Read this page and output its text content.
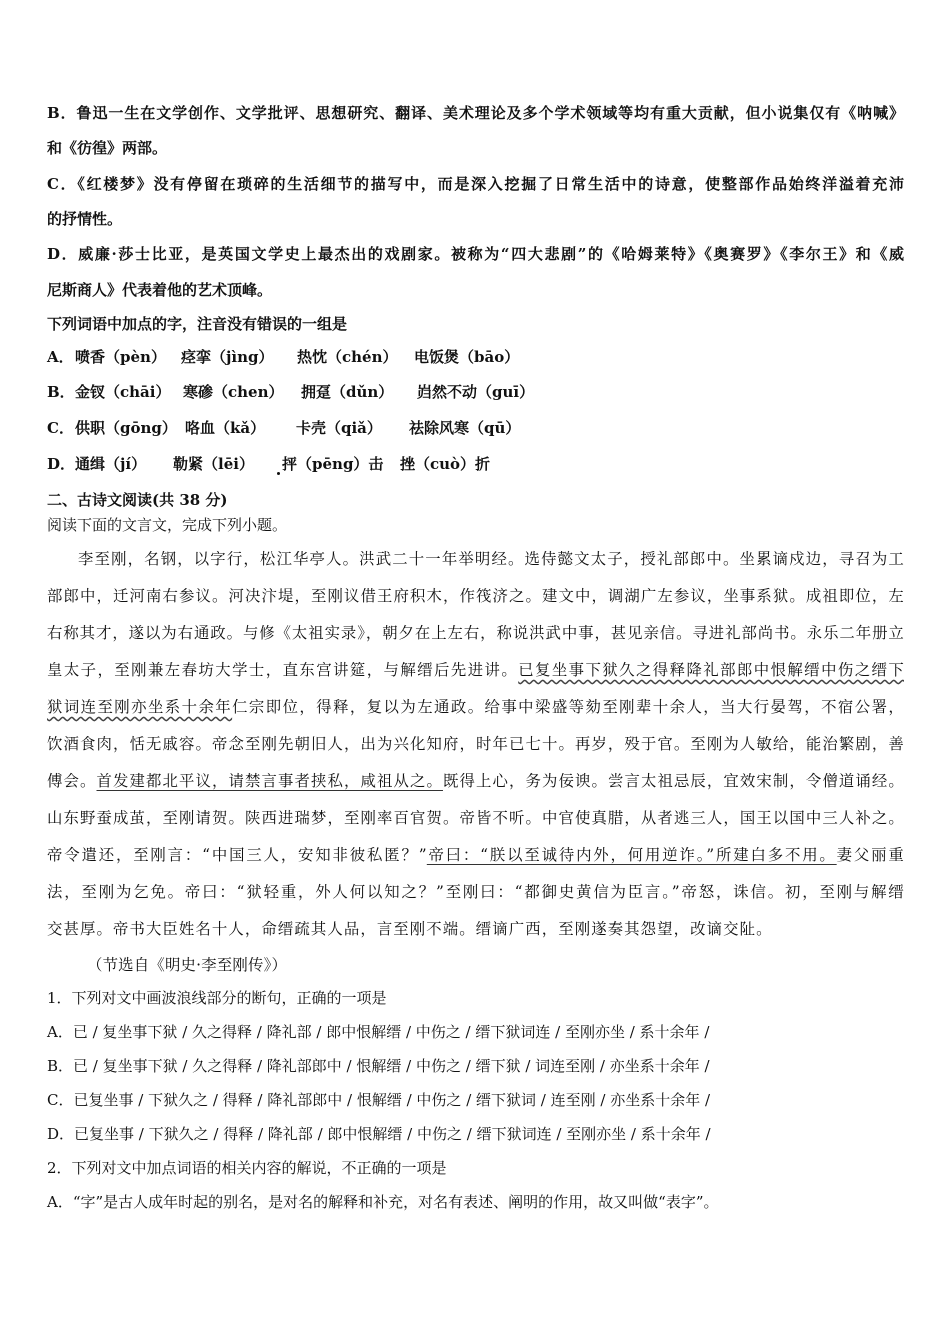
B．鲁迅一生在文学创作、文学批评、思想研究、翻译、美术理论及多个学术领域等均有重大贡献，但小说集仅有《呐喊》
和《彷徨》两部。
C．《红楼梦》没有停留在琐碎的生活细节的描写中，而是深入挖掘了日常生活中的诗意，使整部作品始终洋溢着充沛
的抒情性。
D．威廉·莎士比亚，是英国文学史上最杰出的戏剧家。被称为“四大悲剧”的《哈姆莱特》《奥赛罗》《李尔王》和《威
尼斯商人》代表着他的艺术顶峰。
下列词语中加点的字，注音没有错误的一组是
A． 喷香（pèn） 痉挛（jìng） 热忱（chén） 电饭煲（bāo）
B． 金钗（chāi） 寒碜（chen） 拥趸（dǔn） 岿然不动（guī）
C． 供职（gōng） 咯血（kǎ） 卡壳（qiǎ） 祛除风寒（qū）
D． 通缉（jí） 勒紧（lēi） 抨（pēng）击 挫（cuò）折
二、古诗文阅读(共 38 分)
阅读下面的文言文，完成下列小题。
李至刚，名钢，以字行，松江华亭人。洪武二十一年举明经。选侍懿文太子，授礼部郎中。坐累谪戍边，寻召为工
部郎中，迁河南右参议。河决汴堤，至刚议借王府积木，作筏济之。建文中，调湖广左参议，坐事系狱。成祖即位，左
右称其才，遂以为右通政。与修《太祖实录》，朝夕在上左右，称说洪武中事，甚见亲信。寻进礼部尚书。永乐二年册立
皇太子，至刚兼左春坊大学士，直东宫讲筵，与解缙后先进讲。已复坐事下狱久之得释降礼部郎中恨解缙中伤之缙下
狱词连至刚亦坐系十余年仁宗即位，得释，复以为左通政。给事中梁盛等劾至刚辈十余人，当大行晏驾，不宿公署，
饮酒食肉，恬无戚容。帝念至刚先朝旧人，出为兴化知府，时年已七十。再岁，殁于官。至刚为人敏给，能治繁剧，善
傅会。首发建都北平议，请禁言事者挟私，咸祖从之。既得上心，务为佞谀。尝言太祖忌辰，宜效宋制，令僧道诵经。
山东野蚕成茧，至刚请贺。陕西进瑞梦，至刚率百官贺。帝皆不听。中官使真腊，从者逃三人，国王以国中三人补之。
帝令遣还，至刚言：“中国三人，安知非彼私匿？”帝曰：“朕以至诚待内外，何用逆诈。”所建白多不用。妻父丽重
法，至刚为乞免。帝曰：“狱轻重，外人何以知之？”至刚曰：“都御史黄信为臣言。”帝怒，诛信。初，至刚与解缙
交甚厚。帝书大臣姓名十人，命缙疏其人品，言至刚不端。缙谪广西，至刚遂奏其怨望，改谪交阯。
（节选自《明史·李至刚传》）
1．下列对文中画波浪线部分的断句，正确的一项是
A．已 / 复坐事下狱 / 久之得释 / 降礼部 / 郎中恨解缙 / 中伤之 / 缙下狱词连 / 至刚亦坐 / 系十余年 /
B．已 / 复坐事下狱 / 久之得释 / 降礼部郎中 / 恨解缙 / 中伤之 / 缙下狱 / 词连至刚 / 亦坐系十余年 /
C．已复坐事 / 下狱久之 / 得释 / 降礼部郎中 / 恨解缙 / 中伤之 / 缙下狱词 / 连至刚 / 亦坐系十余年 /
D．已复坐事 / 下狱久之 / 得释 / 降礼部 / 郎中恨解缙 / 中伤之 / 缙下狱词连 / 至刚亦坐 / 系十余年 /
2．下列对文中加点词语的相关内容的解说，不正确的一项是
A．“字”是古人成年时起的别名，是对名的解释和补充，对名有表述、阐明的作用，故又叫做“表字”。
